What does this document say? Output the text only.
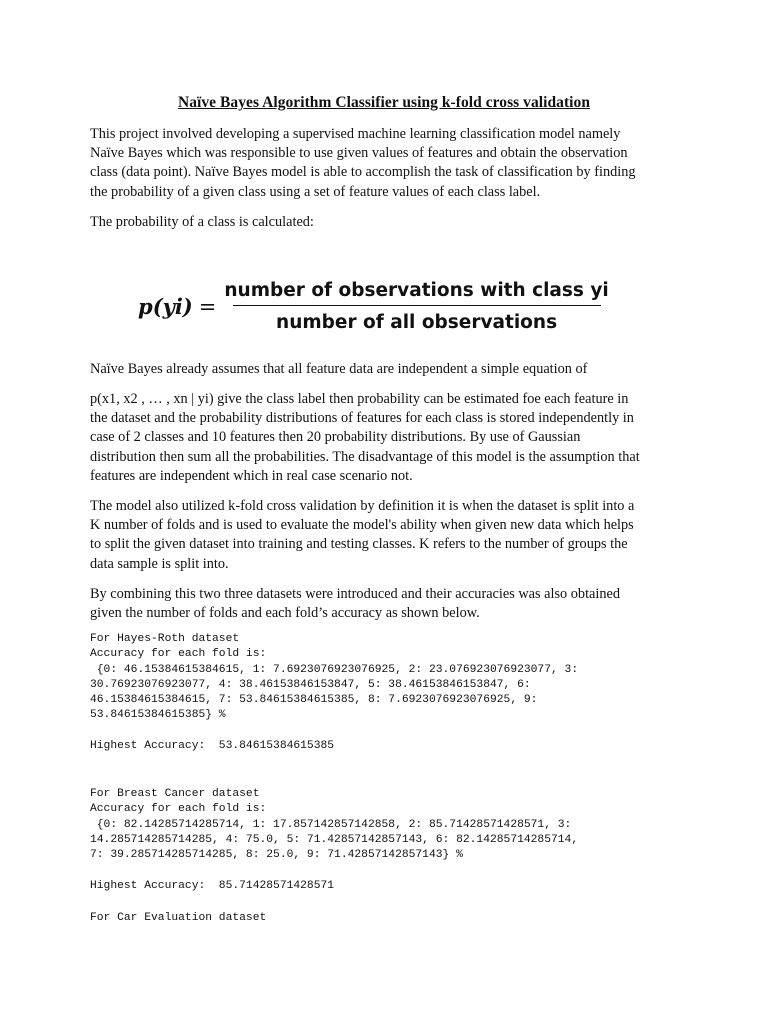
Naïve Bayes Algorithm Classifier using k-fold cross validation

This project involved developing a supervised machine learning classification model namely
Naïve Bayes which was responsible to use given values of features and obtain the observation
class (data point). Naïve Bayes model is able to accomplish the task of classification by finding
the probability of a given class using a set of feature values of each class label.

The probability of a class is calculated:

$p(yi) = \frac{\text{number of observations with class yi}}{\text{number of all observations}}$

Naïve Bayes already assumes that all feature data are independent a simple equation of

p(x1, x2 , … , xn | yi) give the class label then probability can be estimated foe each feature in
the dataset and the probability distributions of features for each class is stored independently in
case of 2 classes and 10 features then 20 probability distributions. By use of Gaussian
distribution then sum all the probabilities. The disadvantage of this model is the assumption that
features are independent which in real case scenario not.

The model also utilized k-fold cross validation by definition it is when the dataset is split into a
K number of folds and is used to evaluate the model's ability when given new data which helps
to split the given dataset into training and testing classes. K refers to the number of groups the
data sample is split into.

By combining this two three datasets were introduced and their accuracies was also obtained
given the number of folds and each fold’s accuracy as shown below.

For Hayes-Roth dataset
Accuracy for each fold is:
{0: 46.15384615384615, 1: 7.6923076923076925, 2: 23.076923076923077, 3:
30.76923076923077, 4: 38.46153846153847, 5: 38.46153846153847, 6:
46.15384615384615, 7: 53.84615384615385, 8: 7.6923076923076925, 9:
53.84615384615385} %

Highest Accuracy:  53.84615384615385
For Breast Cancer dataset
Accuracy for each fold is:
{0: 82.14285714285714, 1: 17.857142857142858, 2: 85.71428571428571, 3:
14.285714285714285, 4: 75.0, 5: 71.42857142857143, 6: 82.14285714285714,
7: 39.285714285714285, 8: 25.0, 9: 71.42857142857143} %

Highest Accuracy:  85.71428571428571
For Car Evaluation dataset
